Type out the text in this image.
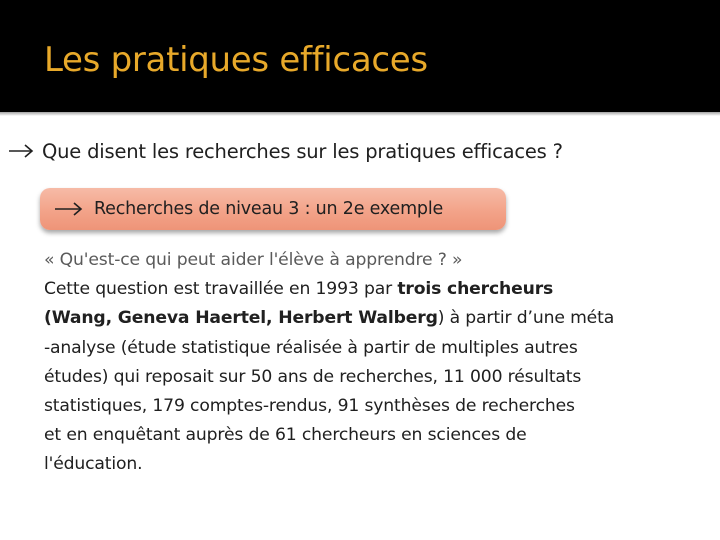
Les pratiques efficaces
Que disent les recherches sur les pratiques efficaces ?
Recherches de niveau 3 : un 2e exemple
« Qu'est-ce qui peut aider l'élève à apprendre ? »
Cette question est travaillée en 1993 par trois chercheurs
(Wang, Geneva Haertel, Herbert Walberg) à partir d’une méta
-analyse (étude statistique réalisée à partir de multiples autres
études) qui reposait sur 50 ans de recherches, 11 000 résultats
statistiques, 179 comptes-rendus, 91 synthèses de recherches
et en enquêtant auprès de 61 chercheurs en sciences de
l'éducation.
